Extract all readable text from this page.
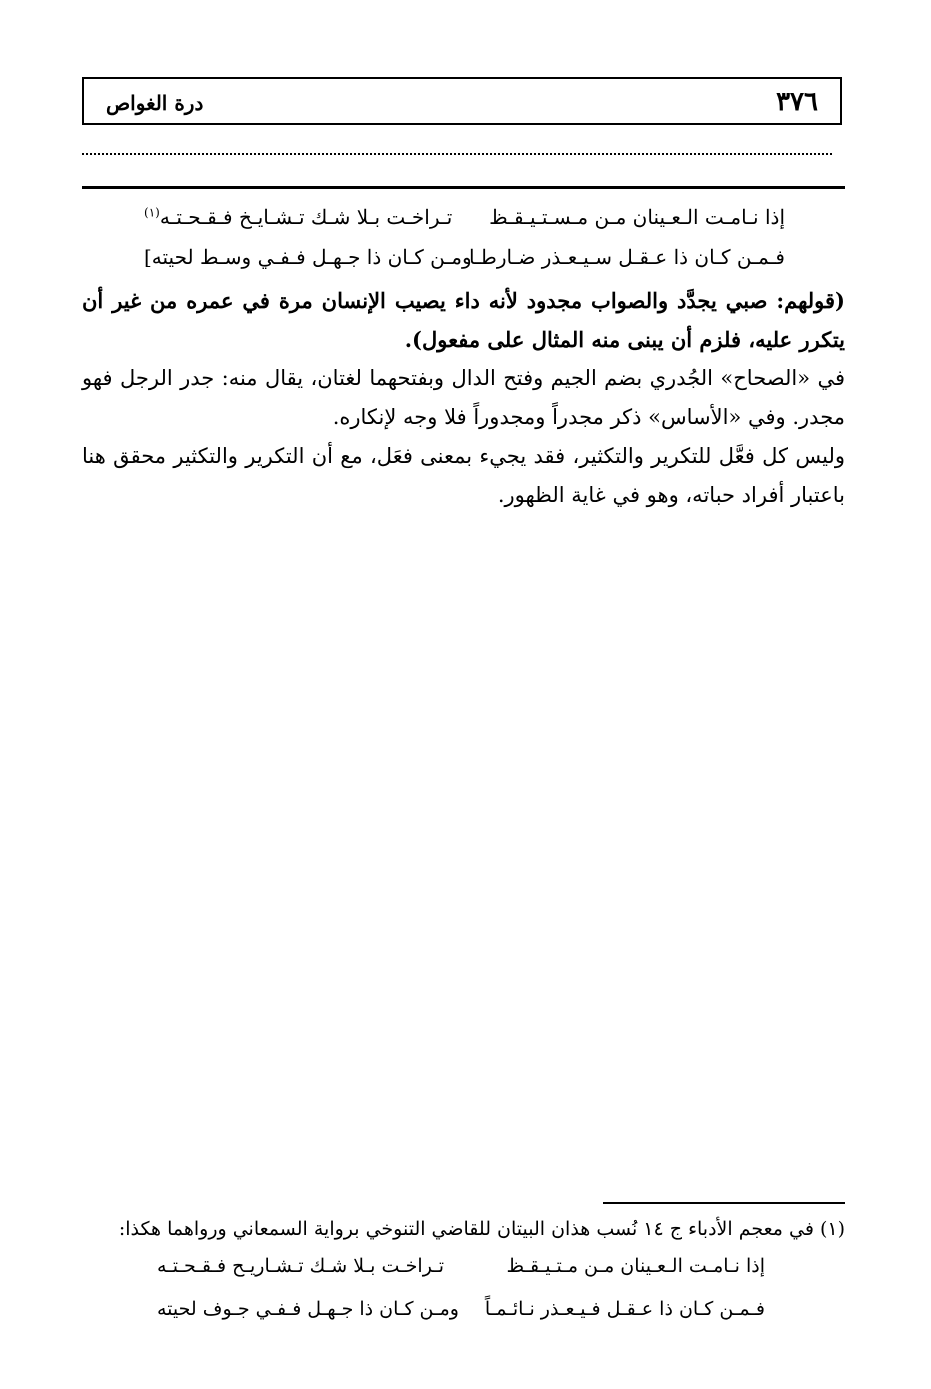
٣٧٦
درة الغواص
إذا نـامـت الـعـينان مـن مـسـتـيـقـظ
تـراخـت بـلا شـك تـشـايـخ فـقـحـتـه$^{(١)}$
فـمـن كـان ذا عـقـل سـيـعـذر ضـارطـا
ومـن كـان ذا جـهـل فـفـي وسـط لحيته]
(قولهم: صبي يجدَّد والصواب مجدود لأنه داء يصيب الإنسان مرة في عمره من غير أن يتكرر عليه، فلزم أن يبنى منه المثال على مفعول).
في «الصحاح» الجُدري بضم الجيم وفتح الدال وبفتحهما لغتان، يقال منه: جدر الرجل فهو مجدر. وفي «الأساس» ذكر مجدراً ومجدوراً فلا وجه لإنكاره.
وليس كل فعَّل للتكرير والتكثير، فقد يجيء بمعنى فعَل، مع أن التكرير والتكثير محقق هنا باعتبار أفراد حباته، وهو في غاية الظهور.
(١) في معجم الأدباء ج ١٤ نُسب هذان البيتان للقاضي التنوخي برواية السمعاني ورواهما هكذا:
إذا نـامـت الـعـينان مـن مـتـيـقـظ
تـراخـت بـلا شـك تـشـاريـح فـقـحـتـه
فـمـن كـان ذا عـقـل فـيـعـذر نـائـمـاً
ومـن كـان ذا جـهـل فـفـي جـوف لحيته
